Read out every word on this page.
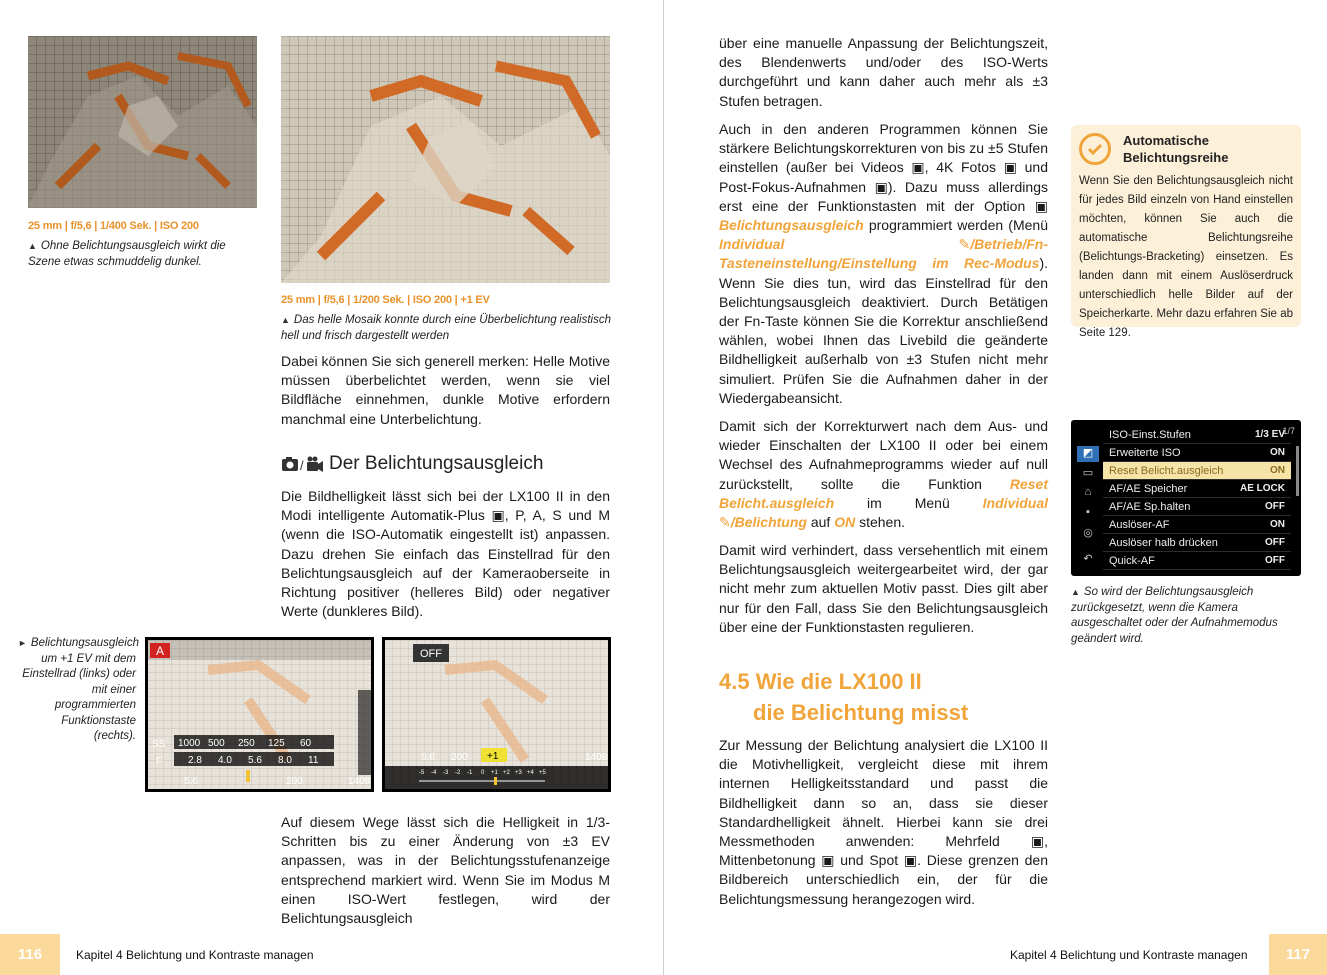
25 mm | f/5,6 | 1/400 Sek. | ISO 200
▲ Ohne Belichtungsausgleich wirkt die Szene etwas schmuddelig dunkel.
25 mm | f/5,6 | 1/200 Sek. | ISO 200 | +1 EV
▲ Das helle Mosaik konnte durch eine Überbelichtung realistisch hell und frisch dargestellt werden
Dabei können Sie sich generell merken: Helle Motive müssen überbelichtet werden, wenn sie viel Bildfläche einnehmen, dunkle Motive erfordern manchmal eine Unterbelichtung.
/ Der Belichtungsausgleich
Die Bildhelligkeit lässt sich bei der LX100 II in den Modi intelligente Automatik-Plus ▣, P, A, S und M (wenn die ISO-Automatik eingestellt ist) anpassen. Dazu drehen Sie einfach das Einstellrad für den Belichtungsausgleich auf der Kameraoberseite in Richtung positiver (helleres Bild) oder negativer Werte (dunkleres Bild).
► Belichtungsausgleich um +1 EV mit dem Einstellrad (links) oder mit einer programmierten Funktionstaste (rechts).
A
SS
F
1000 500 250 125 60
2.8 4.0 5.6 8.0 11
5.6	200	1408
OFF
+1
5.6 200	1408
-5 -4 -3 -2 -1 0 +1 +2 +3 +4 +5
Auf diesem Wege lässt sich die Helligkeit in 1/3-Schritten bis zu einer Änderung von ±3 EV anpassen, was in der Belichtungsstufenanzeige entsprechend markiert wird. Wenn Sie im Modus M einen ISO-Wert festlegen, wird der Belichtungsausgleich
116	Kapitel 4 Belichtung und Kontraste managen
über eine manuelle Anpassung der Belichtungszeit, des Blendenwerts und/oder des ISO-Werts durchgeführt und kann daher auch mehr als ±3 Stufen betragen.
Auch in den anderen Programmen können Sie stärkere Belichtungskorrekturen von bis zu ±5 Stufen einstellen (außer bei Videos ▣, 4K Fotos ▣ und Post-Fokus-Aufnahmen ▣). Dazu muss allerdings erst eine der Funktionstasten mit der Option ▣ Belichtungsausgleich programmiert werden (Menü Individual ✎/Betrieb/Fn-Tasteneinstellung/Einstellung im Rec-Modus). Wenn Sie dies tun, wird das Einstellrad für den Belichtungsausgleich deaktiviert. Durch Betätigen der Fn-Taste können Sie die Korrektur anschließend wählen, wobei Ihnen das Livebild die geänderte Bildhelligkeit außerhalb von ±3 Stufen nicht mehr simuliert. Prüfen Sie die Aufnahmen daher in der Wiedergabeansicht.
Damit sich der Korrekturwert nach dem Aus- und wieder Einschalten der LX100 II oder bei einem Wechsel des Aufnahmeprogramms wieder auf null zurückstellt, sollte die Funktion Reset Belicht.ausgleich im Menü Individual ✎/Belichtung auf ON stehen.
Damit wird verhindert, dass versehentlich mit einem Belichtungsausgleich weitergearbeitet wird, der gar nicht mehr zum aktuellen Motiv passt. Dies gilt aber nur für den Fall, dass Sie den Belichtungsausgleich über eine der Funktionstasten regulieren.
4.5 Wie die LX100 II
die Belichtung misst
Zur Messung der Belichtung analysiert die LX100 II die Motivhelligkeit, vergleicht diese mit ihrem internen Helligkeitsstandard und passt die Bildhelligkeit dann so an, dass sie dieser Standardhelligkeit ähnelt. Hierbei kann sie drei Messmethoden anwenden: Mehrfeld ▣, Mittenbetonung ▣ und Spot ▣. Diese grenzen den Bildbereich unterschiedlich ein, der für die Belichtungsmessung herangezogen wird.
Automatische Belichtungsreihe
Wenn Sie den Belichtungsausgleich nicht für jedes Bild einzeln von Hand einstellen möchten, können Sie auch die automatische Belichtungsreihe (Belichtungs-Bracketing) einsetzen. Es landen dann mit einem Auslöserdruck unterschiedlich helle Bilder auf der Speicherkarte. Mehr dazu erfahren Sie ab Seite 129.
◩
▭
⌂
▪
◎
↶
1/7
ISO-Einst.Stufen	1/3 EV
Erweiterte ISO	ON
Reset Belicht.ausgleich	ON
AF/AE Speicher	AE LOCK
AF/AE Sp.halten	OFF
Auslöser-AF	ON
Auslöser halb drücken	OFF
Quick-AF	OFF
▲ So wird der Belichtungsausgleich zurückgesetzt, wenn die Kamera ausgeschaltet oder der Aufnahmemodus geändert wird.
Kapitel 4 Belichtung und Kontraste managen	117
